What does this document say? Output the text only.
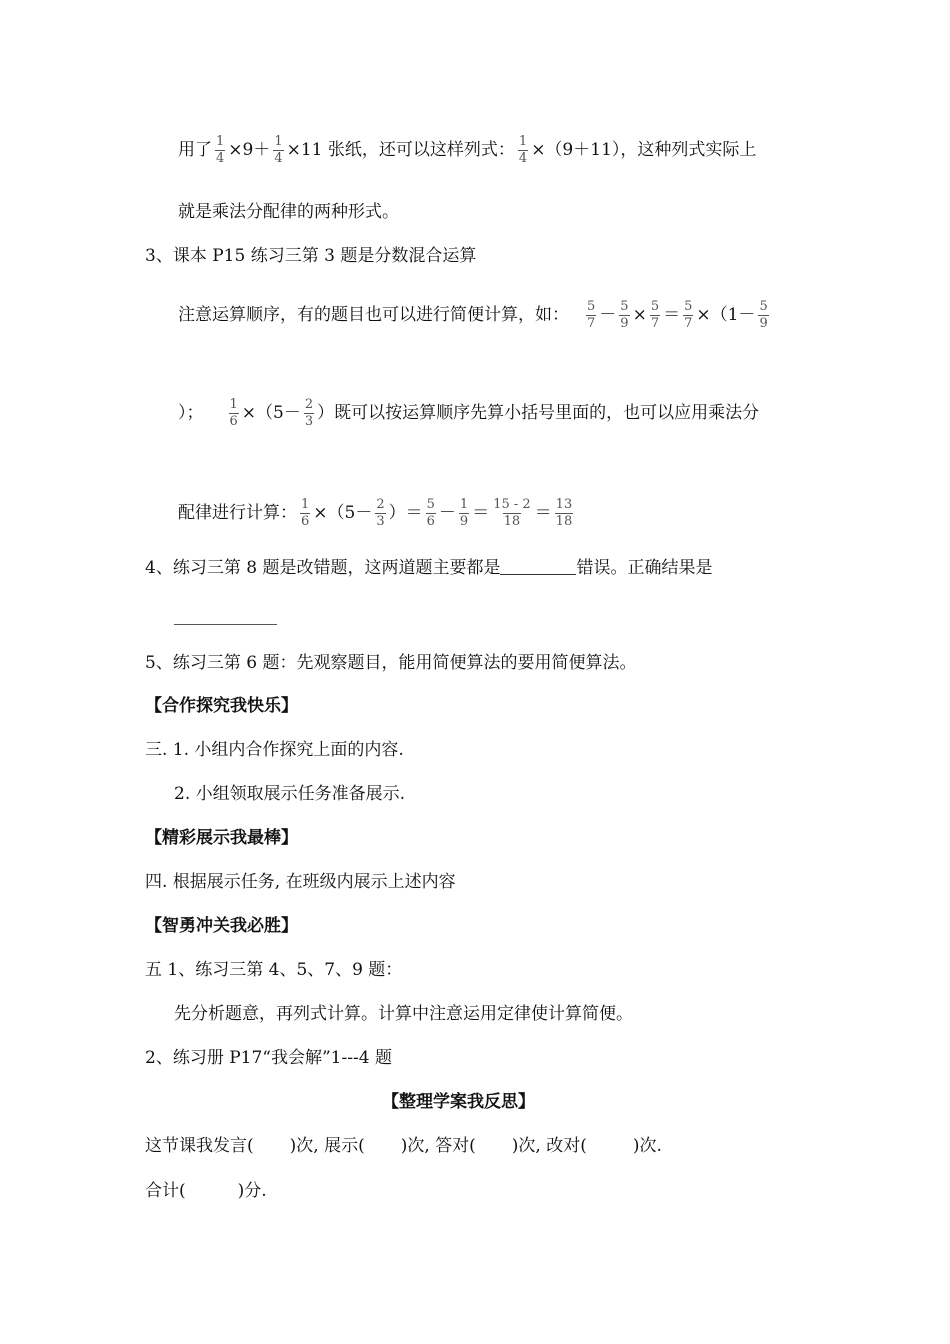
用了 $\frac{1}{4} \times 9+ \frac{1}{4} \times 11$ 张纸，还可以这样列式： $\frac{1}{4} \times(9+11)$，这种列式实际上
就是乘法分配律的两种形式。
3、课本 P15 练习三第 3 题是分数混合运算
注意运算顺序，有的题目也可以进行简便计算，如： $\frac{5}{7} - \frac{5}{9} \times \frac{5}{7} = \frac{5}{7} \times(1- \frac{5}{9}$
）； $\frac{1}{6} \times(5- \frac{2}{3}$ ）既可以按运算顺序先算小括号里面的，也可以应用乘法分
配律进行计算： $\frac{1}{6} \times(5- \frac{2}{3}$ ）＝ $\frac{5}{6} - \frac{1}{9} = \frac{15 - 2}{18} = \frac{13}{18}$
4、练习三第 8 题是改错题，这两道题主要都是	错误。正确结果是
5、练习三第 6 题：先观察题目，能用简便算法的要用简便算法。
【合作探究我快乐】
三. 1. 小组内合作探究上面的内容.
2. 小组领取展示任务准备展示.
【精彩展示我最棒】
四. 根据展示任务, 在班级内展示上述内容
【智勇冲关我必胜】
五 1、练习三第 4、5、7、9 题：
先分析题意，再列式计算。计算中注意运用定律使计算简便。
2、练习册 P17“我会解”1---4 题
【整理学案我反思】
这节课我发言( )次, 展示( )次, 答对( )次, 改对(	)次.
合计(	)分.
